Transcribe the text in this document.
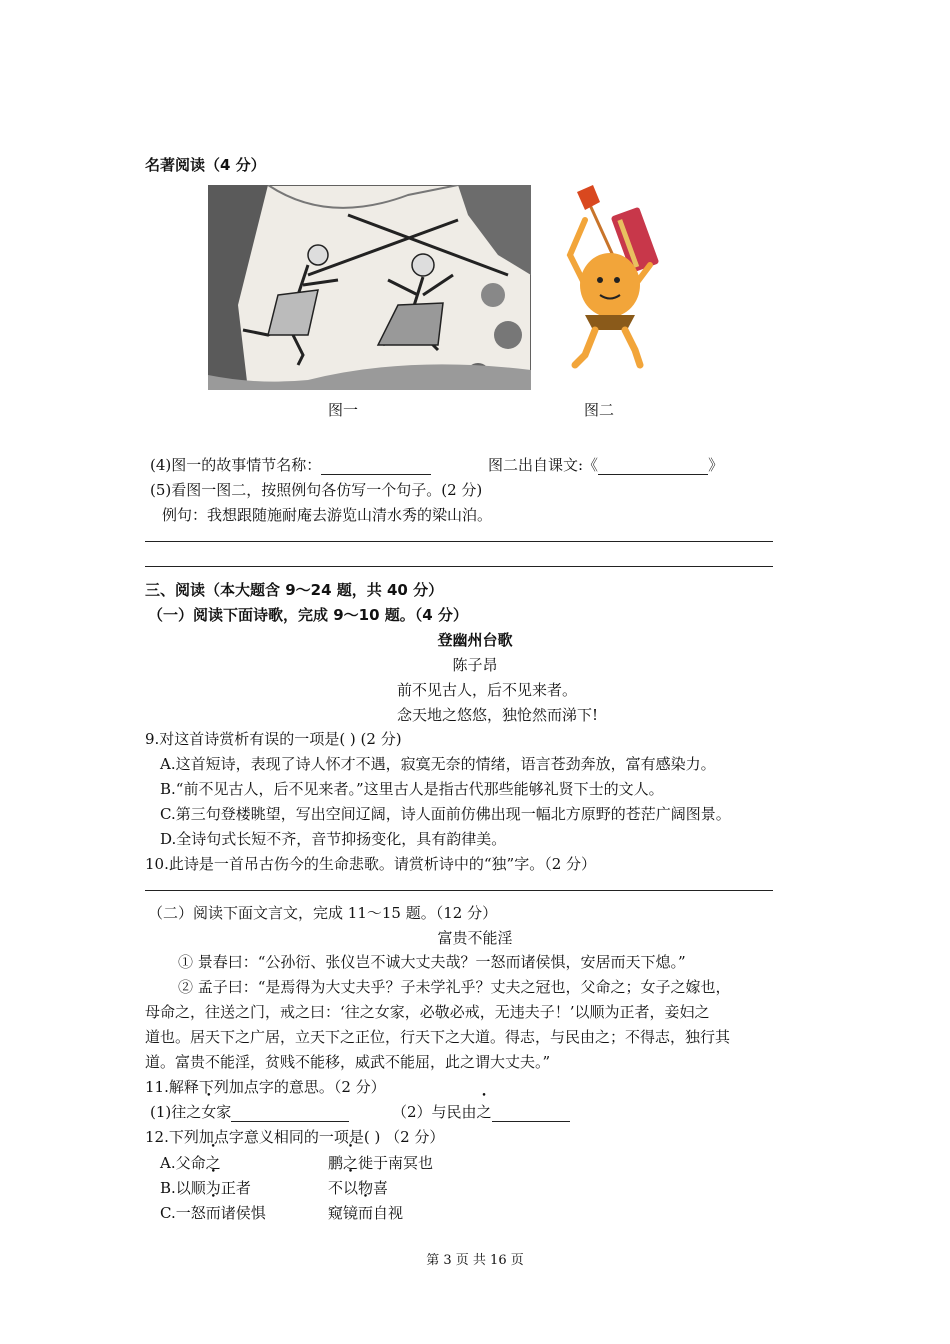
名著阅读（4 分）
图一	图二
(4)图一的故事情节名称：	图二出自课文:《	》
(5)看图一图二，按照例句各仿写一个句子。(2 分)
例句：我想跟随施耐庵去游览山清水秀的梁山泊。
三、阅读（本大题含 9～24 题，共 40 分）
（一）阅读下面诗歌，完成 9～10 题。（4 分）
登幽州台歌
陈子昂
前不见古人，后不见来者。
念天地之悠悠，独怆然而涕下!
9.对这首诗赏析有误的一项是( ) (2 分)
A.这首短诗，表现了诗人怀才不遇，寂寞无奈的情绪，语言苍劲奔放，富有感染力。
B.“前不见古人，后不见来者。”这里古人是指古代那些能够礼贤下士的文人。
C.第三句登楼眺望，写出空间辽阔，诗人面前仿佛出现一幅北方原野的苍茫广阔图景。
D.全诗句式长短不齐，音节抑扬变化，具有韵律美。
10.此诗是一首吊古伤今的生命悲歌。请赏析诗中的“独”字。（2 分）
（二）阅读下面文言文，完成 11～15 题。（12 分）
富贵不能淫
① 景春曰：“公孙衍、张仪岂不诚大丈夫哉？一怒而诸侯惧，安居而天下熄。”
② 孟子曰：“是焉得为大丈夫乎？子未学礼乎？丈夫之冠也，父命之；女子之嫁也，
母命之，往送之门，戒之曰：‘往之女家，必敬必戒，无违夫子！’以顺为正者，妾妇之
道也。居天下之广居，立天下之正位，行天下之大道。得志，与民由之；不得志，独行其
道。富贵不能淫，贫贱不能移，威武不能屈，此之谓大丈夫。”
11.解释下列加点字的意思。（2 分）
(1)往之女家	（2）与民由之
12.下列加点字意义相同的一项是( ) （2 分）
A.父命之	鹏之徙于南冥也
B.以顺为正者	不以物喜
C.一怒而诸侯惧	窥镜而自视
第 3 页 共 16 页
